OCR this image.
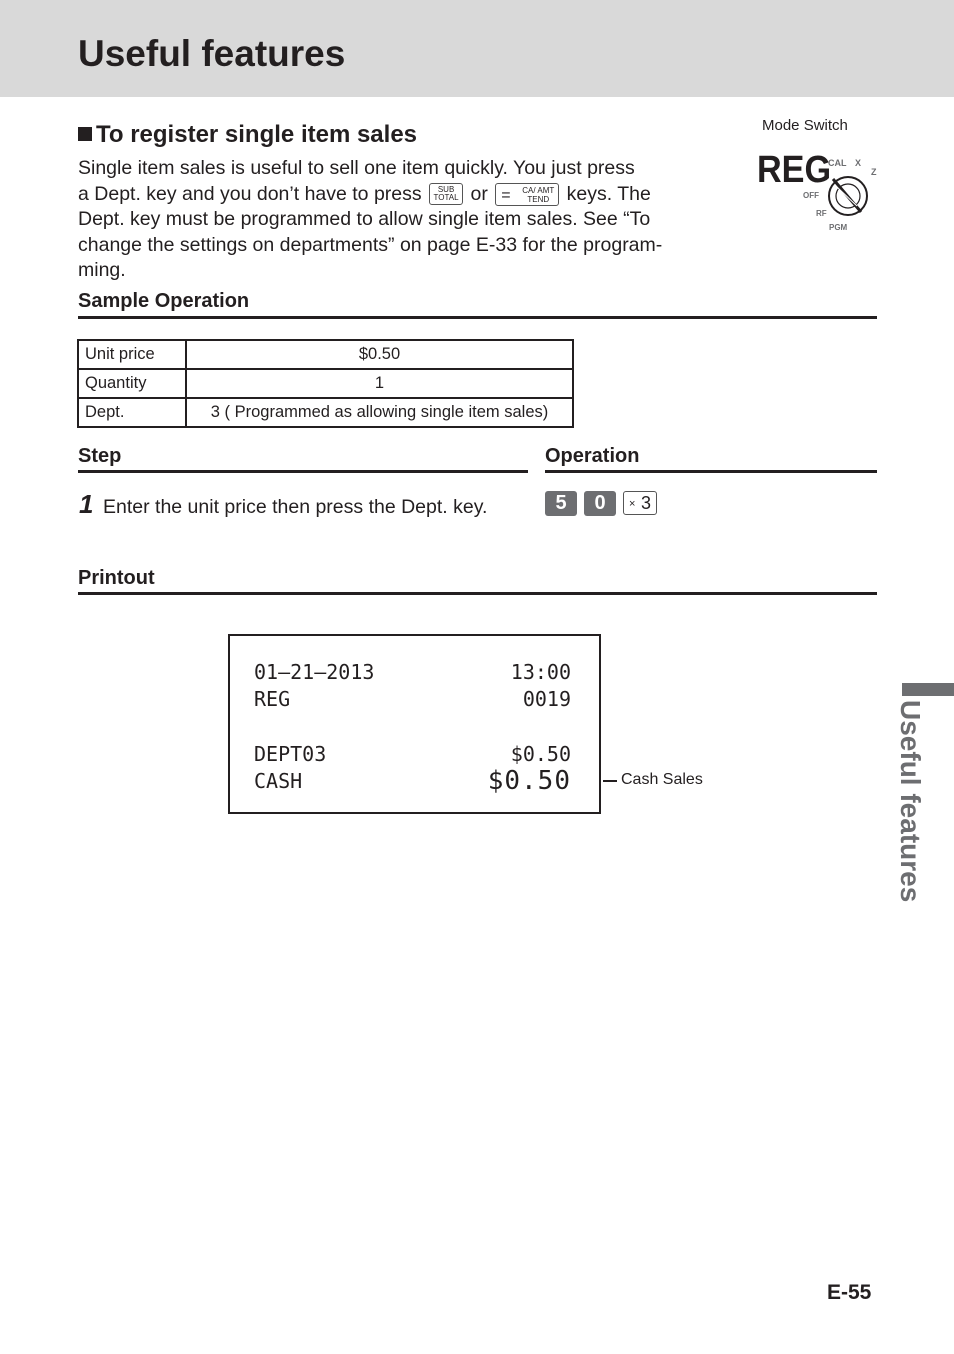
Useful features
To register single item sales

Single item sales is useful to sell one item quickly. You just press

a Dept. key and you don’t have to press SUB
TOTAL or = CA/ AMT
TEND keys. The

Dept. key must be programmed to allow single item sales. See “To

change the settings on departments” on page E-33 for the program-

ming.

Mode Switch
REG
CAL X
Z
OFF
RF
PGM
Sample Operation
Unit price	$0.50
Quantity	1
Dept.	3 ( Programmed as allowing single item sales)
Step	Operation
1 Enter the unit price then press the Dept. key.	5	0	× 3
Printout
01–21–2013	13:00
REG	0019
DEPT03	$0.50
CASH	$0.50	Cash Sales	Useful features
E-55
